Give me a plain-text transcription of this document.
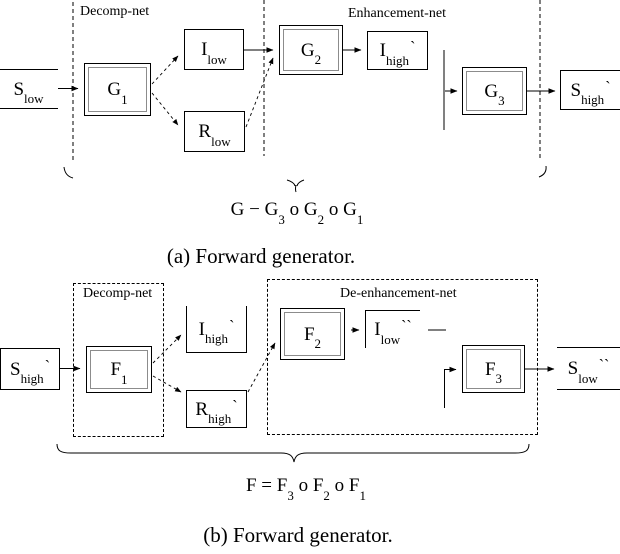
Decomp-net	Enhancement-net
$S_{low}$	$G_1$
$I_{low}$
$R_{low}$
$G_2$	$I_{high}^`$
$G_3$
$S_{high}^`$
$G - G_3$ o $G_2$ o $G_1$
(a) Forward generator.
Decomp-net	De-enhancement-net
$S_{high}^`$	$F_1$
$I_{high}^`$
$R_{high}^`$
$F_2$
$I_{low}^{``}$
$F_3$	$S_{low}^{``}$
$F = F_3$ o $F_2$ o $F_1$
(b) Forward generator.
